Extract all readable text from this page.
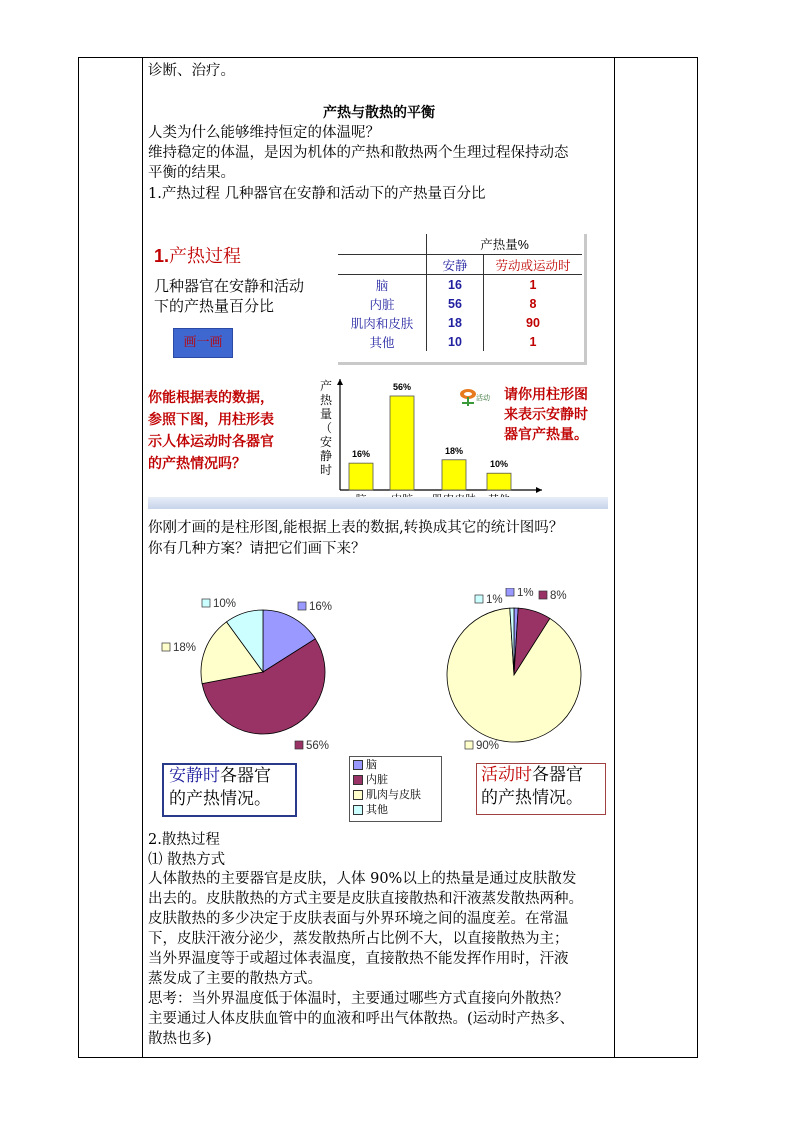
诊断、治疗。
产热与散热的平衡
人类为什么能够维持恒定的体温呢？
维持稳定的体温，是因为机体的产热和散热两个生理过程保持动态
平衡的结果。
1.产热过程 几种器官在安静和活动下的产热量百分比
1.产热过程
几种器官在安静和活动
下的产热量百分比
画一画
	产热量%	
	安静	劳动或运动时
脑	16	1
内脏	56	8
肌肉和皮肤	18	90
其他	10	1
你能根据表的数据，
参照下图，用柱形表
示人体运动时各器官
的产热情况吗？
产
热
量
（
安
静
时
16%
56%
18%
10%
活动 请你用柱形图
来表示安静时
器官产热量。
你刚才画的是柱形图,能根据上表的数据,转换成其它的统计图吗？
你有几种方案？请把它们画下来？
16%
56%
18%
10%
1% 8%
90%
1%
安静时各器官
的产热情况。
脑
内脏
肌肉与皮肤
其他
活动时各器官
的产热情况。
2.散热过程
⑴ 散热方式
人体散热的主要器官是皮肤，人体 90%以上的热量是通过皮肤散发
出去的。皮肤散热的方式主要是皮肤直接散热和汗液蒸发散热两种。
皮肤散热的多少决定于皮肤表面与外界环境之间的温度差。在常温
下，皮肤汗液分泌少，蒸发散热所占比例不大，以直接散热为主；
当外界温度等于或超过体表温度，直接散热不能发挥作用时，汗液
蒸发成了主要的散热方式。
思考：当外界温度低于体温时，主要通过哪些方式直接向外散热？
主要通过人体皮肤血管中的血液和呼出气体散热。(运动时产热多、
散热也多)
